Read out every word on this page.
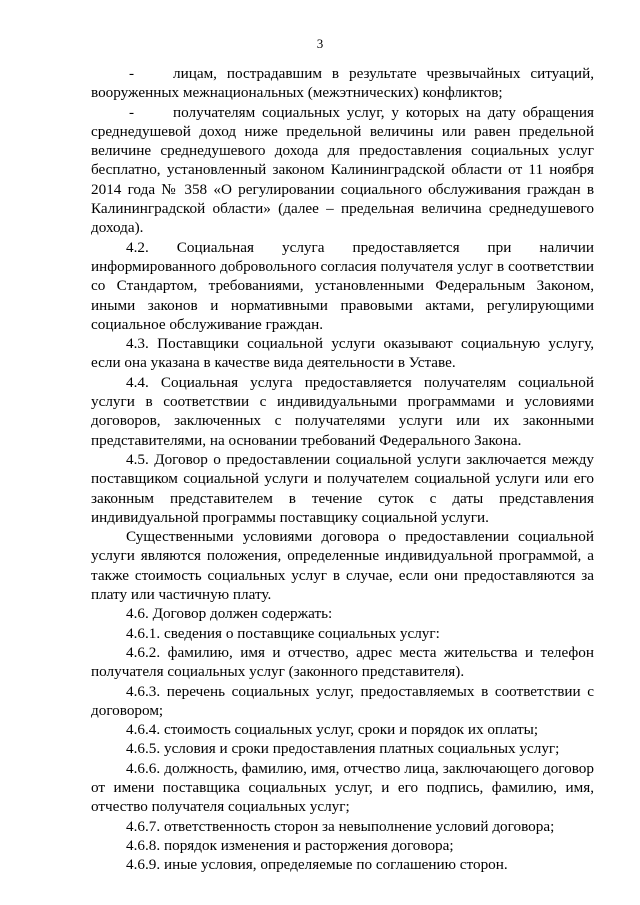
3

-	лицам, пострадавшим в результате чрезвычайных ситуаций, вооруженных межнациональных (межэтнических) конфликтов;

-	получателям социальных услуг, у которых на дату обращения среднедушевой доход ниже предельной величины или равен предельной величине среднедушевого дохода для предоставления социальных услуг бесплатно, установленный законом Калининградской области от 11 ноября 2014 года № 358 «О регулировании социального обслуживания граждан в Калининградской области» (далее – предельная величина среднедушевого дохода).

4.2. Социальная услуга предоставляется при наличии информированного добровольного согласия получателя услуг в соответствии со Стандартом, требованиями, установленными Федеральным Законом, иными законов и нормативными правовыми актами, регулирующими социальное обслуживание граждан.

4.3. Поставщики социальной услуги оказывают социальную услугу, если она указана в качестве вида деятельности в Уставе.

4.4. Социальная услуга предоставляется получателям социальной услуги в соответствии с индивидуальными программами и условиями договоров, заключенных с получателями услуги или их законными представителями, на основании требований Федерального Закона.

4.5. Договор о предоставлении социальной услуги заключается между поставщиком социальной услуги и получателем социальной услуги или его законным представителем в течение суток с даты представления индивидуальной программы поставщику социальной услуги.

Существенными условиями договора о предоставлении социальной услуги являются положения, определенные индивидуальной программой, а также стоимость социальных услуг в случае, если они предоставляются за плату или частичную плату.

4.6. Договор должен содержать:

4.6.1. сведения о поставщике социальных услуг:

4.6.2. фамилию, имя и отчество, адрес места жительства и телефон получателя социальных услуг (законного представителя).

4.6.3. перечень социальных услуг, предоставляемых в соответствии с договором;

4.6.4. стоимость социальных услуг, сроки и порядок их оплаты;

4.6.5. условия и сроки предоставления платных социальных услуг;

4.6.6. должность, фамилию, имя, отчество лица, заключающего договор от имени поставщика социальных услуг, и его подпись, фамилию, имя, отчество получателя социальных услуг;

4.6.7. ответственность сторон за невыполнение условий договора;

4.6.8. порядок изменения и расторжения договора;

4.6.9. иные условия, определяемые по соглашению сторон.
